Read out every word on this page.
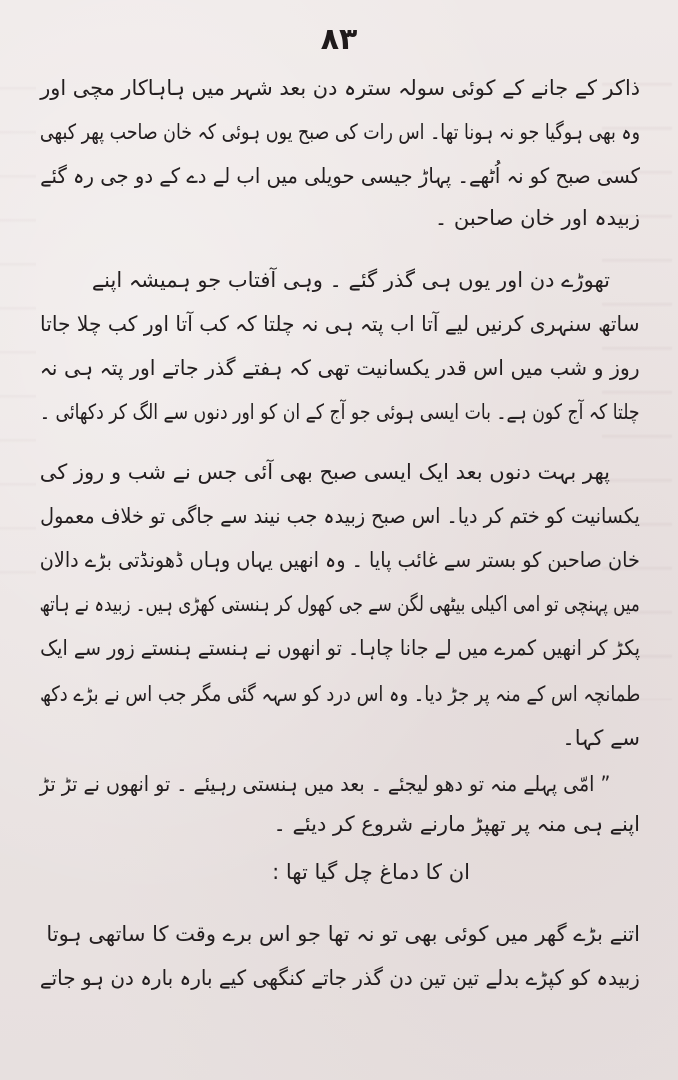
۸۳
ذاکر کے جانے کے کوئی سولہ سترہ دن بعد شہر میں ہاہاکار مچی اور
وہ بھی ہوگیا جو نہ ہونا تھا۔ اس رات کی صبح یوں ہوئی کہ خان صاحب پھر کبھی
کسی صبح کو نہ اُٹھے۔ پہاڑ جیسی حویلی میں اب لے دے کے دو جی رہ گئے
زبیدہ اور خان صاحبن ۔
تھوڑے دن اور یوں ہی گذر گئے ۔ وہی آفتاب جو ہمیشہ اپنے
ساتھ سنہری کرنیں لیے آتا اب پتہ ہی نہ چلتا کہ کب آتا اور کب چلا جاتا
روز و شب میں اس قدر یکسانیت تھی کہ ہفتے گذر جاتے اور پتہ ہی نہ
چلتا کہ آج کون ہے۔ بات ایسی ہوئی جو آج کے ان کو اور دنوں سے الگ کر دکھائی ۔
پھر بہت دنوں بعد ایک ایسی صبح بھی آئی جس نے شب و روز کی
یکسانیت کو ختم کر دیا۔ اس صبح زبیدہ جب نیند سے جاگی تو خلاف معمول
خان صاحبن کو بستر سے غائب پایا ۔ وہ انھیں یہاں وہاں ڈھونڈتی بڑے دالان
میں پہنچی تو امی اکیلی بیٹھی لگن سے جی کھول کر ہنستی کھڑی ہیں۔ زبیدہ نے ہاتھ
پکڑ کر انھیں کمرے میں لے جانا چاہا۔ تو انھوں نے ہنستے ہنستے زور سے ایک
طمانچہ اس کے منہ پر جڑ دیا۔ وہ اس درد کو سہہ گئی مگر جب اس نے بڑے دکھ
سے کہا۔
” امّی پہلے منہ تو دھو لیجئے ۔ بعد میں ہنستی رہیئے ۔ تو انھوں نے تڑ تڑ
اپنے ہی منہ پر تھپڑ مارنے شروع کر دیئے ۔
ان کا دماغ چل گیا تھا :
اتنے بڑے گھر میں کوئی بھی تو نہ تھا جو اس برے وقت کا ساتھی ہوتا
زبیدہ کو کپڑے بدلے تین تین دن گذر جاتے کنگھی کیے بارہ بارہ دن ہو جاتے
